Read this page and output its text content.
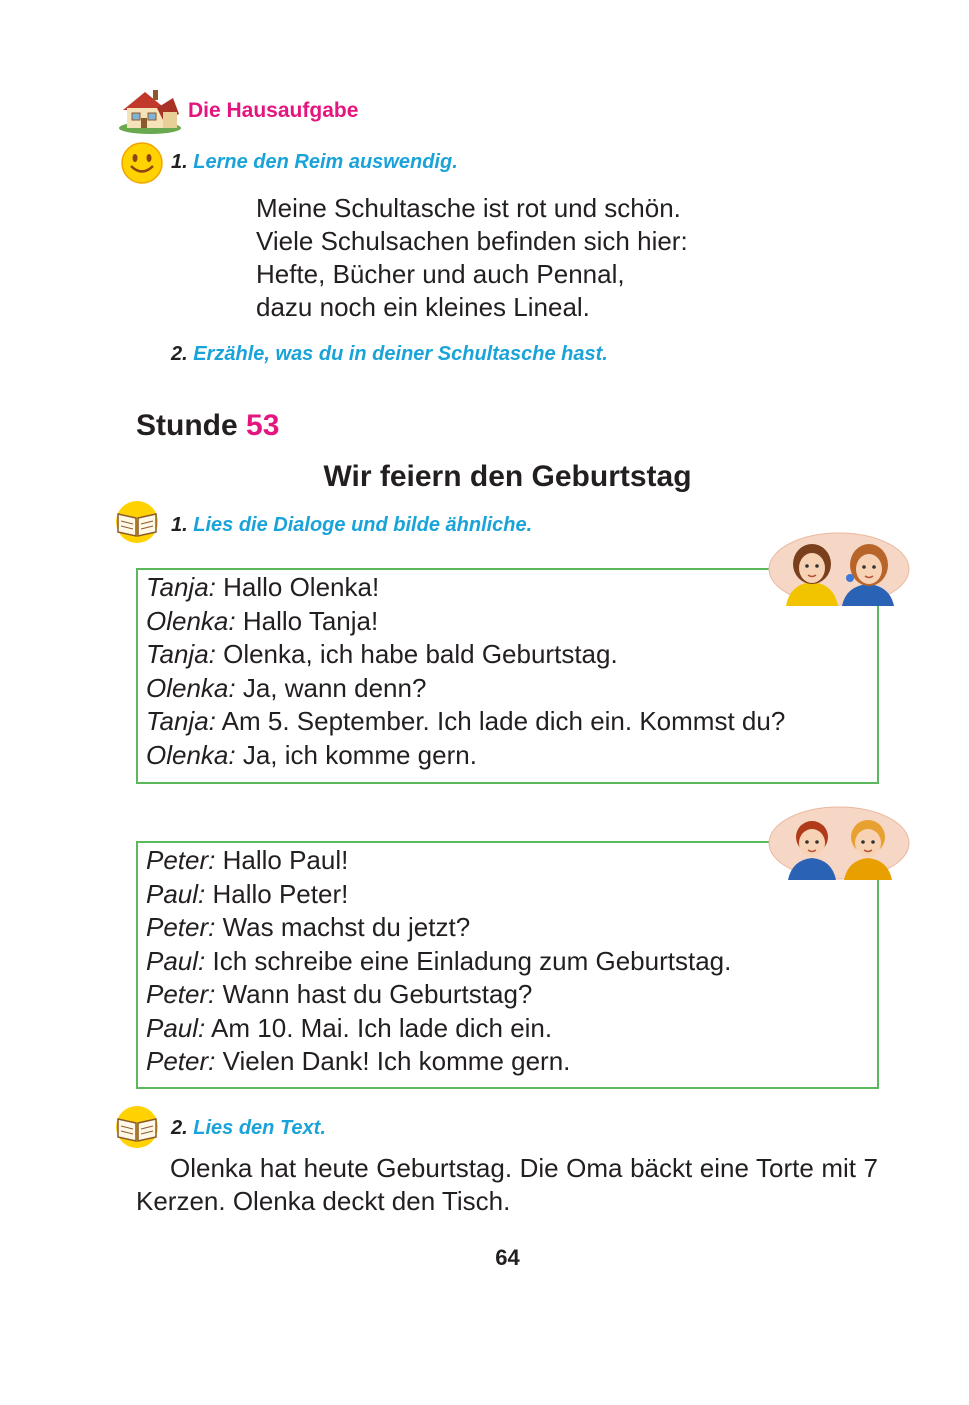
Die Hausaufgabe
1. Lerne den Reim auswendig.
Meine Schultasche ist rot und schön.
Viele Schulsachen befinden sich hier:
Hefte, Bücher und auch Pennal,
dazu noch ein kleines Lineal.
2. Erzähle, was du in deiner Schultasche hast.
Stunde 53
Wir feiern den Geburtstag
1. Lies die Dialoge und bilde ähnliche.
Tanja: Hallo Olenka!
Olenka: Hallo Tanja!
Tanja: Olenka, ich habe bald Geburtstag.
Olenka: Ja, wann denn?
Tanja: Am 5. September. Ich lade dich ein. Kommst du?
Olenka: Ja, ich komme gern.
Peter: Hallo Paul!
Paul: Hallo Peter!
Peter: Was machst du jetzt?
Paul: Ich schreibe eine Einladung zum Geburtstag.
Peter: Wann hast du Geburtstag?
Paul: Am 10. Mai. Ich lade dich ein.
Peter: Vielen Dank! Ich komme gern.
2. Lies den Text.
Olenka hat heute Geburtstag. Die Oma bäckt eine Torte mit 7 Kerzen. Olenka deckt den Tisch.
64
